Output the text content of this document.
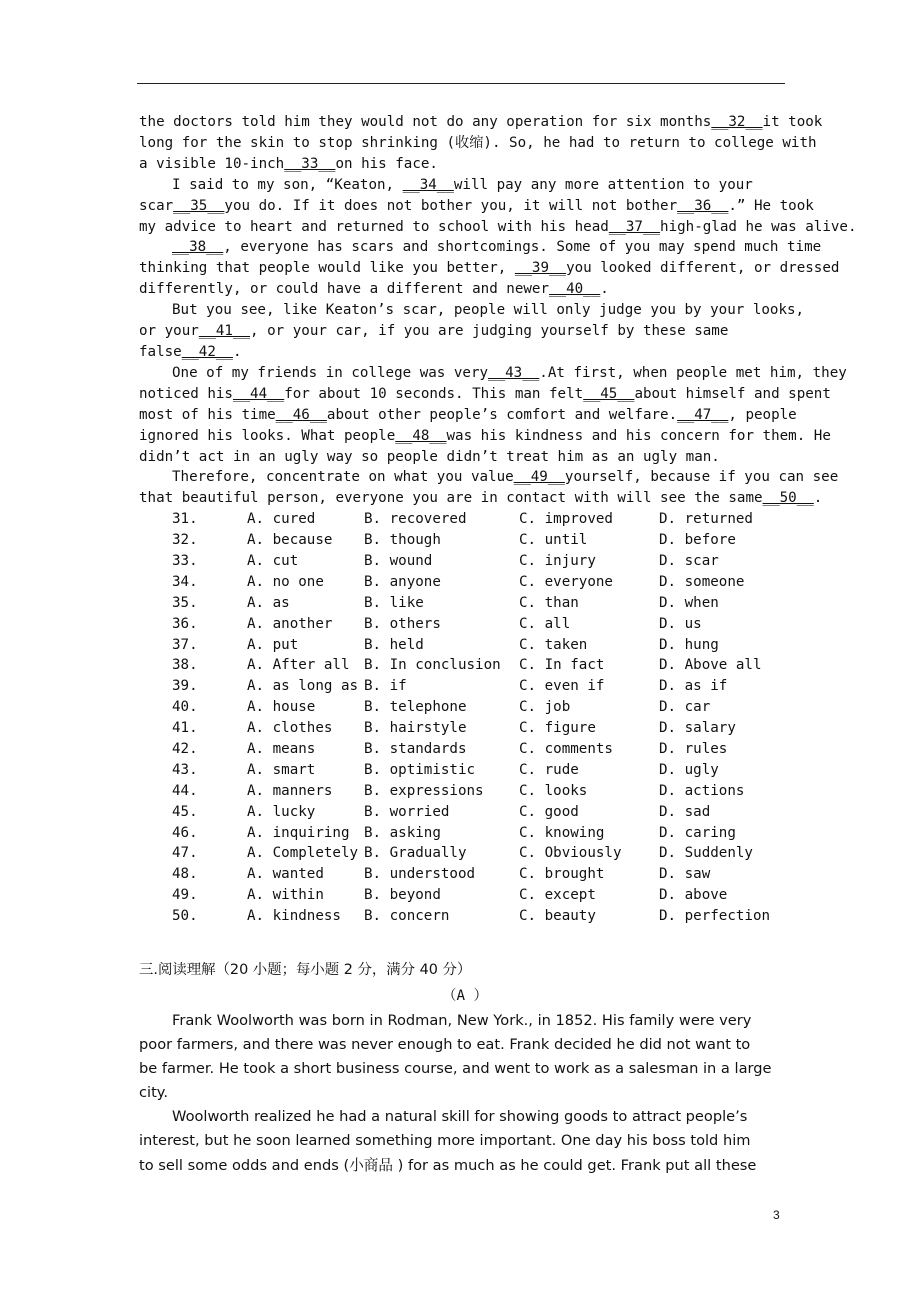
the doctors told him they would not do any operation for six months__32__it took

long for the skin to stop shrinking (收缩). So, he had to return to college with

a visible 10-inch__33__on his face.

I said to my son, “Keaton, __34__will pay any more attention to your

scar__35__you do. If it does not bother you, it will not bother__36__.” He took

my advice to heart and returned to school with his head__37__high-glad he was alive.

__38__, everyone has scars and shortcomings. Some of you may spend much time

thinking that people would like you better, __39__you looked different, or dressed

differently, or could have a different and newer__40__.

But you see, like Keaton’s scar, people will only judge you by your looks,

or your__41__, or your car, if you are judging yourself by these same

false__42__.

One of my friends in college was very__43__.At first, when people met him, they

noticed his__44__for about 10 seconds. This man felt__45__about himself and spent

most of his time__46__about other people’s comfort and welfare.__47__, people

ignored his looks. What people__48__was his kindness and his concern for them. He

didn’t act in an ugly way so people didn’t treat him as an ugly man.

Therefore, concentrate on what you value__49__yourself, because if you can see

that beautiful person, everyone you are in contact with will see the same__50__.

31.	A. cured	B. recovered	C. improved	D. returned
32.	A. because B. though	C. until	D. before
33.	A. cut	B. wound	C. injury	D. scar
34.	A. no one	B. anyone	C. everyone	D. someone
35.	A. as	B. like	C. than	D. when
36.	A. another B. others	C. all	D. us
37.	A. put	B. held	C. taken	D. hung
38.	A. After all B. In conclusion C. In fact	D. Above all
39.	A. as long as B. if	C. even if	D. as if
40.	A. house	B. telephone	C. job	D. car
41.	A. clothes B. hairstyle	C. figure	D. salary
42.	A. means	B. standards	C. comments	D. rules
43.	A. smart	B. optimistic	C. rude	D. ugly
44.	A. manners B. expressions C. looks	D. actions
45.	A. lucky	B. worried	C. good	D. sad
46.	A. inquiring B. asking	C. knowing	D. caring
47.	A. Completely B. Gradually	C. Obviously	D. Suddenly
48.	A. wanted	B. understood	C. brought	D. saw
49.	A. within	B. beyond	C. except	D. above
50.	A. kindness B. concern	C. beauty	D. perfection

三.阅读理解（20 小题；每小题 2 分，满分 40 分）

（A ）

Frank Woolworth was born in Rodman, New York., in 1852. His family were very

poor farmers, and there was never enough to eat. Frank decided he did not want to

be farmer. He took a short business course, and went to work as a salesman in a large

city.

Woolworth realized he had a natural skill for showing goods to attract people’s

interest, but he soon learned something more important. One day his boss told him

to sell some odds and ends (小商品 ) for as much as he could get. Frank put all these

3
